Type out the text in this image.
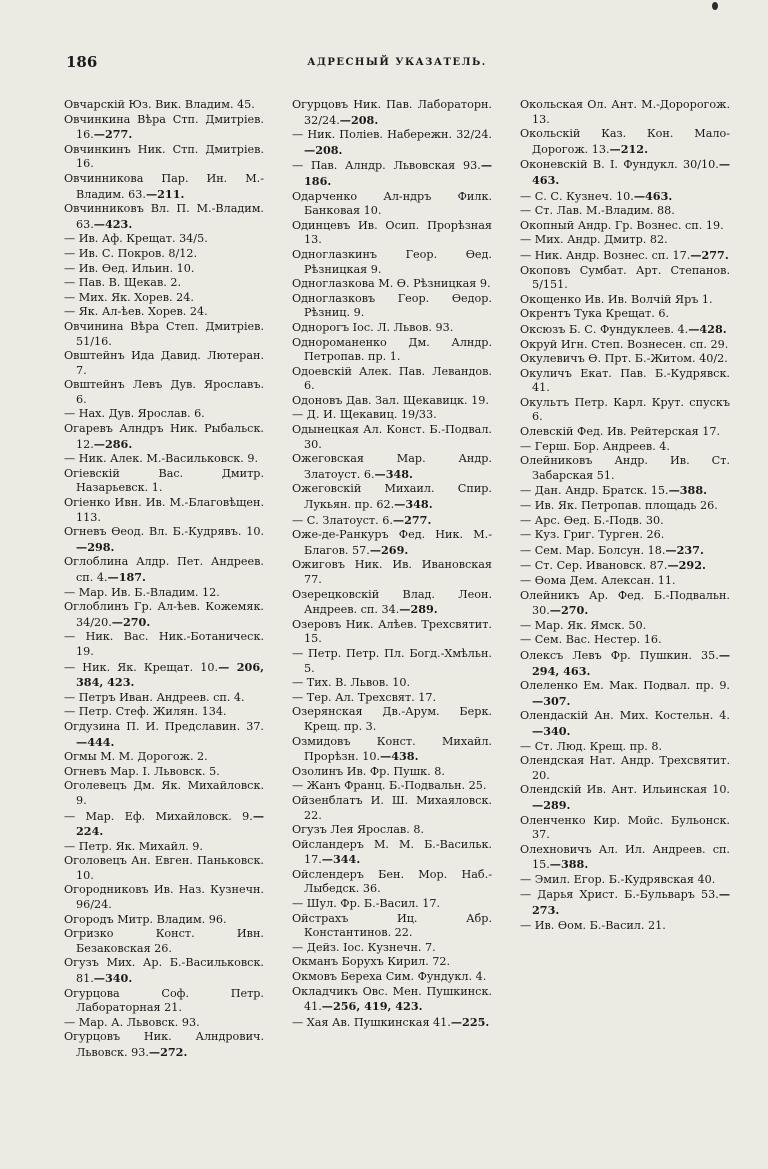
186	АДРЕСНЫЙ УКАЗАТЕЛЬ.

Овчарскiй Юз. Вик. Владим. 45.

Овчинкина Вѣра Стп. Дмитрiев. 16.—277.

Овчинкинъ Ник. Стп. Дмитрiев. 16.

Овчинникова Пар. Ин. М.-Владим. 63.—211.

Овчинниковъ Вл. П. М.-Владим. 63.—423.

— Ив. Аф. Крещат. 34/5.

— Ив. С. Покров. 8/12.

— Ив. Ѳед. Ильин. 10.

— Пав. В. Щекав. 2.

— Мих. Як. Хорев. 24.

— Як. Ал-ѣев. Хорев. 24.

Овчинина Вѣра Степ. Дмитрiев. 51/16.

Овштейнъ Ида Давид. Лютеран. 7.

Овштейнъ Левъ Дув. Ярославъ. 6.

— Нах. Дув. Ярослав. 6.

Огаревъ Алндръ Ник. Рыбальск. 12.—286.

— Ник. Алек. М.-Васильковск. 9.

Огiевскiй Вас. Дмитр. Назарьевск. 1.

Огiенко Ивн. Ив. М.-Благовѣщен. 113.

Огневъ Ѳеод. Вл. Б.-Кудрявъ. 10.—298.

Оглоблина Алдр. Пет. Андреев. сп. 4.—187.

— Мар. Ив. Б.-Владим. 12.

Оглоблинъ Гр. Ал-ѣев. Кожемяк. 34/20.—270.

— Ник. Вас. Ник.-Ботаническ. 19.

— Ник. Як. Крещат. 10.— 206, 384, 423.

— Петръ Иван. Андреев. сп. 4.

— Петр. Стеф. Жилян. 134.

Огдузина П. И. Предславин. 37.—444.

Огмы М. М. Дорогож. 2.

Огневъ Мар. I. Львовск. 5.

Оголевецъ Дм. Як. Михайловск. 9.

— Мар. Еф. Михайловск. 9.—224.

— Петр. Як. Михайл. 9.

Оголовецъ Ан. Евген. Паньковск. 10.

Огородниковъ Ив. Наз. Кузнечн. 96/24.

Огородъ Митр. Владим. 96.

Огризко Конст. Ивн. Безаковская 26.

Огузъ Мих. Ар. Б.-Васильковск. 81.—340.

Огурцова Соф. Петр. Лабораторная 21.

— Мар. А. Львовск. 93.

Огурцовъ Ник. Алндрович. Львовск. 93.—272.

Огурцовъ Ник. Пав. Лабораторн. 32/24.—208.

— Ник. Полiев. Набережн. 32/24.—208.

— Пав. Алндр. Львовская 93.—186.

Одарченко Ал-ндръ Филк. Банковая 10.

Одинцевъ Ив. Осип. Прорѣзная 13.

Одноглазкинъ Геор. Ѳед. Рѣзницкая 9.

Одноглазкова М. Ѳ. Рѣзницкая 9.

Одноглазковъ Геор. Ѳедор. Рѣзниц. 9.

Однорогъ Iос. Л. Львов. 93.

Однороманенко Дм. Алндр. Петропав. пр. 1.

Одоевскiй Алек. Пав. Левандов. 6.

Одоновъ Дав. Зал. Щекавицк. 19.

— Д. И. Щекавиц. 19/33.

Одынецкая Ал. Конст. Б.-Подвал. 30.

Ожеговская Мар. Андр. Златоуст. 6.—348.

Ожеговскiй Михаил. Спир. Лукьян. пр. 62.—348.

— С. Златоуст. 6.—277.

Оже-де-Ранкуръ Фед. Ник. М.-Благов. 57.—269.

Ожиговъ Ник. Ив. Ивановская 77.

Озерецковскiй Влад. Леон. Андреев. сп. 34.—289.

Озеровъ Ник. Алѣев. Трехсвятит. 15.

— Петр. Петр. Пл. Богд.-Хмѣльн. 5.

— Тих. В. Львов. 10.

— Тер. Ал. Трехсвят. 17.

Озерянская Дв.-Арум. Берк. Крещ. пр. 3.

Озмидовъ Конст. Михайл. Прорѣзн. 10.—438.

Озолинъ Ив. Фр. Пушк. 8.

— Жанъ Франц. Б.-Подвальн. 25.

Ойзенблатъ И. Ш. Михаяловск. 22.

Огузъ Лея Ярослав. 8.

Ойсландеръ М. М. Б.-Васильк. 17.—344.

Ойслендеръ Бен. Мор. Наб.-Лыбедск. 36.

— Шул. Фр. Б.-Васил. 17.

Ойстрахъ Иц. Абр. Константинов. 22.

— Дейз. Iос. Кузнечн. 7.

Окманъ Борухъ Кирил. 72.

Окмовъ Береха Сим. Фундукл. 4.

Окладчикъ Овс. Мен. Пушкинск. 41.—256, 419, 423.

— Хая Ав. Пушкинская 41.—225.

Окольская Ол. Ант. М.-Доророгож. 13.

Окольскiй Каз. Кон. Мало-Дорогож. 13.—212.

Оконевскiй В. I. Фундукл. 30/10.—463.

— С. С. Кузнеч. 10.—463.

— Ст. Лав. М.-Владим. 88.

Окопный Андр. Гр. Вознес. сп. 19.

— Мих. Андр. Дмитр. 82.

— Ник. Андр. Вознес. сп. 17.—277.

Окоповъ Сумбат. Арт. Степанов. 5/151.

Окощенко Ив. Ив. Волчiй Яръ 1.

Окрентъ Тука Крещат. 6.

Оксюзъ Б. С. Фундуклеев. 4.—428.

Окруй Игн. Степ. Вознесен. сп. 29.

Окулевичъ Ѳ. Прт. Б.-Житом. 40/2.

Окуличъ Екат. Пав. Б.-Кудрявск. 41.

Окультъ Петр. Карл. Крут. спускъ 6.

Олевскiй Фед. Ив. Рейтерская 17.

— Герш. Бор. Андреев. 4.

Олейниковъ Андр. Ив. Ст. Забарская 51.

— Дан. Андр. Братск. 15.—388.

— Ив. Як. Петропав. площадь 26.

— Арс. Ѳед. Б.-Подв. 30.

— Куз. Григ. Турген. 26.

— Сем. Мар. Болсун. 18.—237.

— Ст. Сер. Ивановск. 87.—292.

— Ѳома Дем. Алексан. 11.

Олейникъ Ар. Фед. Б.-Подвальн. 30.—270.

— Мар. Як. Ямск. 50.

— Сем. Вас. Нестер. 16.

Олексъ Левъ Фр. Пушкин. 35.—294, 463.

Олеленко Ем. Мак. Подвал. пр. 9.—307.

Олендаскiй Ан. Мих. Костельн. 4.—340.

— Ст. Люд. Крещ. пр. 8.

Олендская Нат. Андр. Трехсвятит. 20.

Олендскiй Ив. Ант. Ильинская 10.—289.

Оленченко Кир. Мойс. Бульонск. 37.

Олехновичъ Ал. Ил. Андреев. сп. 15.—388.

— Эмил. Егор. Б.-Кудрявская 40.

— Дарья Христ. Б.-Бульваръ 53.—273.

— Ив. Ѳом. Б.-Васил. 21.
